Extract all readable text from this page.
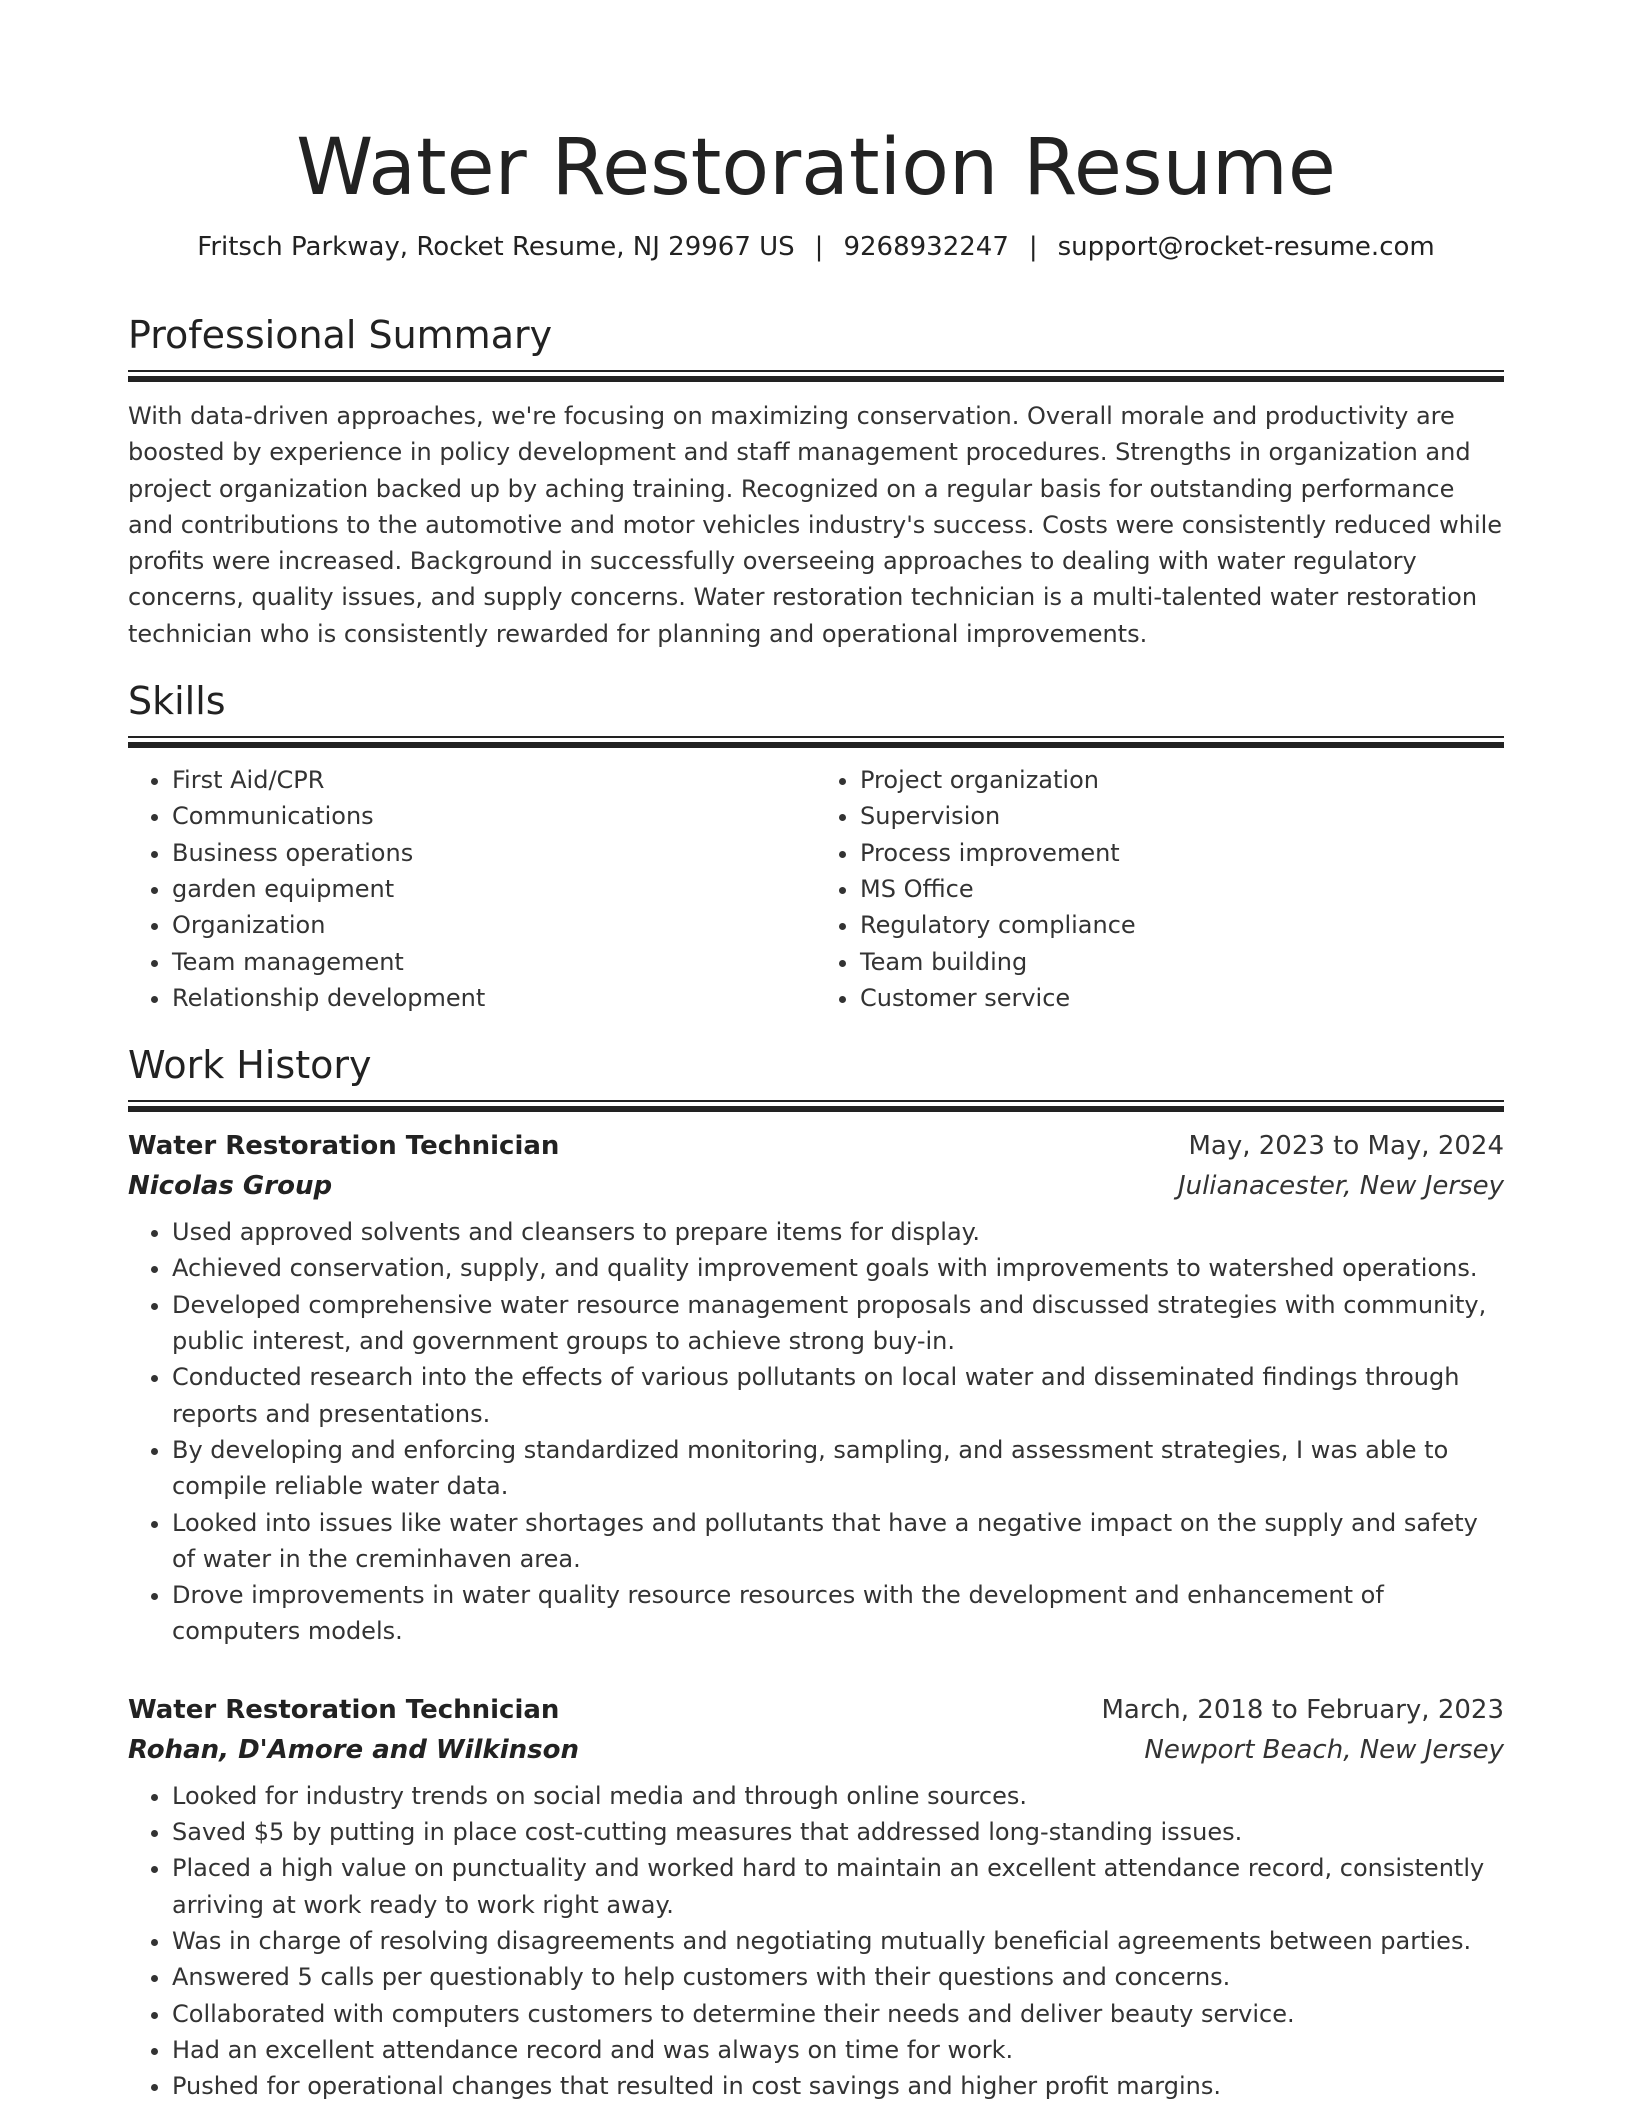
Water Restoration Resume
Fritsch Parkway, Rocket Resume, NJ 29967 US | 9268932247 | support@rocket-resume.com
Professional Summary
With data-driven approaches, we're focusing on maximizing conservation. Overall morale and productivity are boosted by experience in policy development and staff management procedures. Strengths in organization and project organization backed up by aching training. Recognized on a regular basis for outstanding performance and contributions to the automotive and motor vehicles industry's success. Costs were consistently reduced while profits were increased. Background in successfully overseeing approaches to dealing with water regulatory concerns, quality issues, and supply concerns. Water restoration technician is a multi-talented water restoration technician who is consistently rewarded for planning and operational improvements.
Skills
• First Aid/CPR
• Communications
• Business operations
• garden equipment
• Organization
• Team management
• Relationship development
• Project organization
• Supervision
• Process improvement
• MS Office
• Regulatory compliance
• Team building
• Customer service
Work History
Water Restoration Technician	May, 2023 to May, 2024
Nicolas Group	Julianacester, New Jersey
• Used approved solvents and cleansers to prepare items for display.
• Achieved conservation, supply, and quality improvement goals with improvements to watershed operations.
• Developed comprehensive water resource management proposals and discussed strategies with community, public interest, and government groups to achieve strong buy-in.
• Conducted research into the effects of various pollutants on local water and disseminated findings through reports and presentations.
• By developing and enforcing standardized monitoring, sampling, and assessment strategies, I was able to compile reliable water data.
• Looked into issues like water shortages and pollutants that have a negative impact on the supply and safety of water in the creminhaven area.
• Drove improvements in water quality resource resources with the development and enhancement of computers models.
Water Restoration Technician	March, 2018 to February, 2023
Rohan, D'Amore and Wilkinson	Newport Beach, New Jersey
• Looked for industry trends on social media and through online sources.
• Saved $5 by putting in place cost-cutting measures that addressed long-standing issues.
• Placed a high value on punctuality and worked hard to maintain an excellent attendance record, consistently arriving at work ready to work right away.
• Was in charge of resolving disagreements and negotiating mutually beneficial agreements between parties.
• Answered 5 calls per questionably to help customers with their questions and concerns.
• Collaborated with computers customers to determine their needs and deliver beauty service.
• Had an excellent attendance record and was always on time for work.
• Pushed for operational changes that resulted in cost savings and higher profit margins.
